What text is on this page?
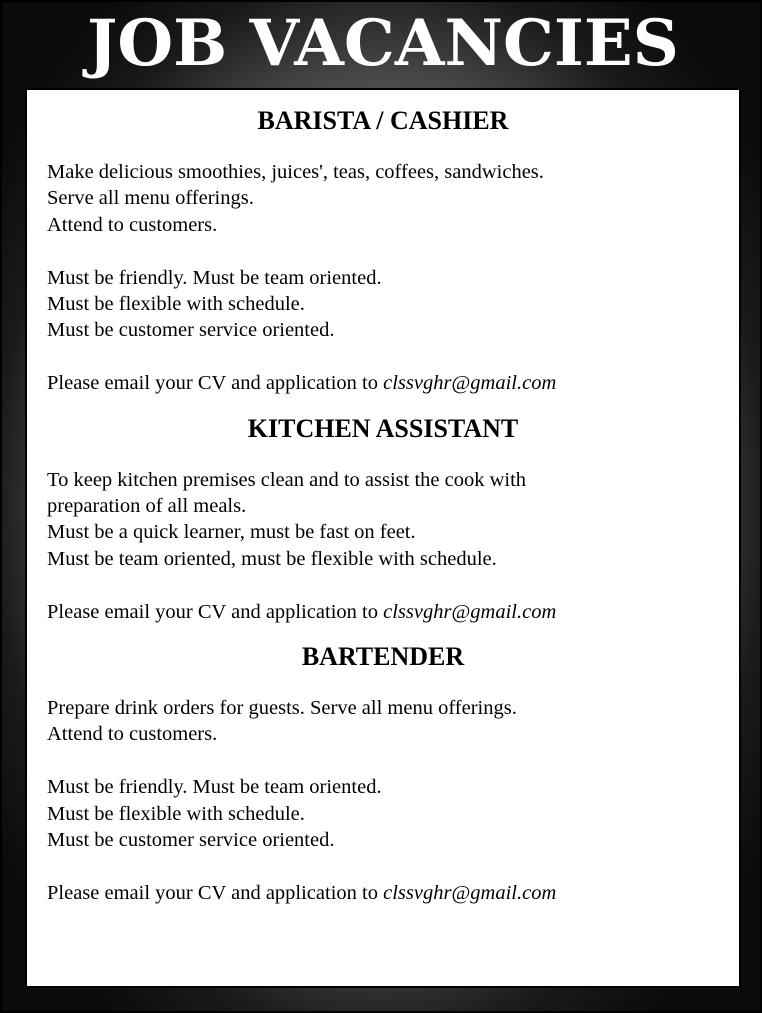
JOB VACANCIES
BARISTA / CASHIER

Make delicious smoothies, juices', teas, coffees, sandwiches.

Serve all menu offerings.

Attend to customers.

Must be friendly. Must be team oriented.

Must be flexible with schedule.

Must be customer service oriented.

Please email your CV and application to clssvghr@gmail.com

KITCHEN ASSISTANT

To keep kitchen premises clean and to assist the cook with

preparation of all meals.

Must be a quick learner, must be fast on feet.

Must be team oriented, must be flexible with schedule.

Please email your CV and application to clssvghr@gmail.com

BARTENDER

Prepare drink orders for guests. Serve all menu offerings.

Attend to customers.

Must be friendly. Must be team oriented.

Must be flexible with schedule.

Must be customer service oriented.

Please email your CV and application to clssvghr@gmail.com
